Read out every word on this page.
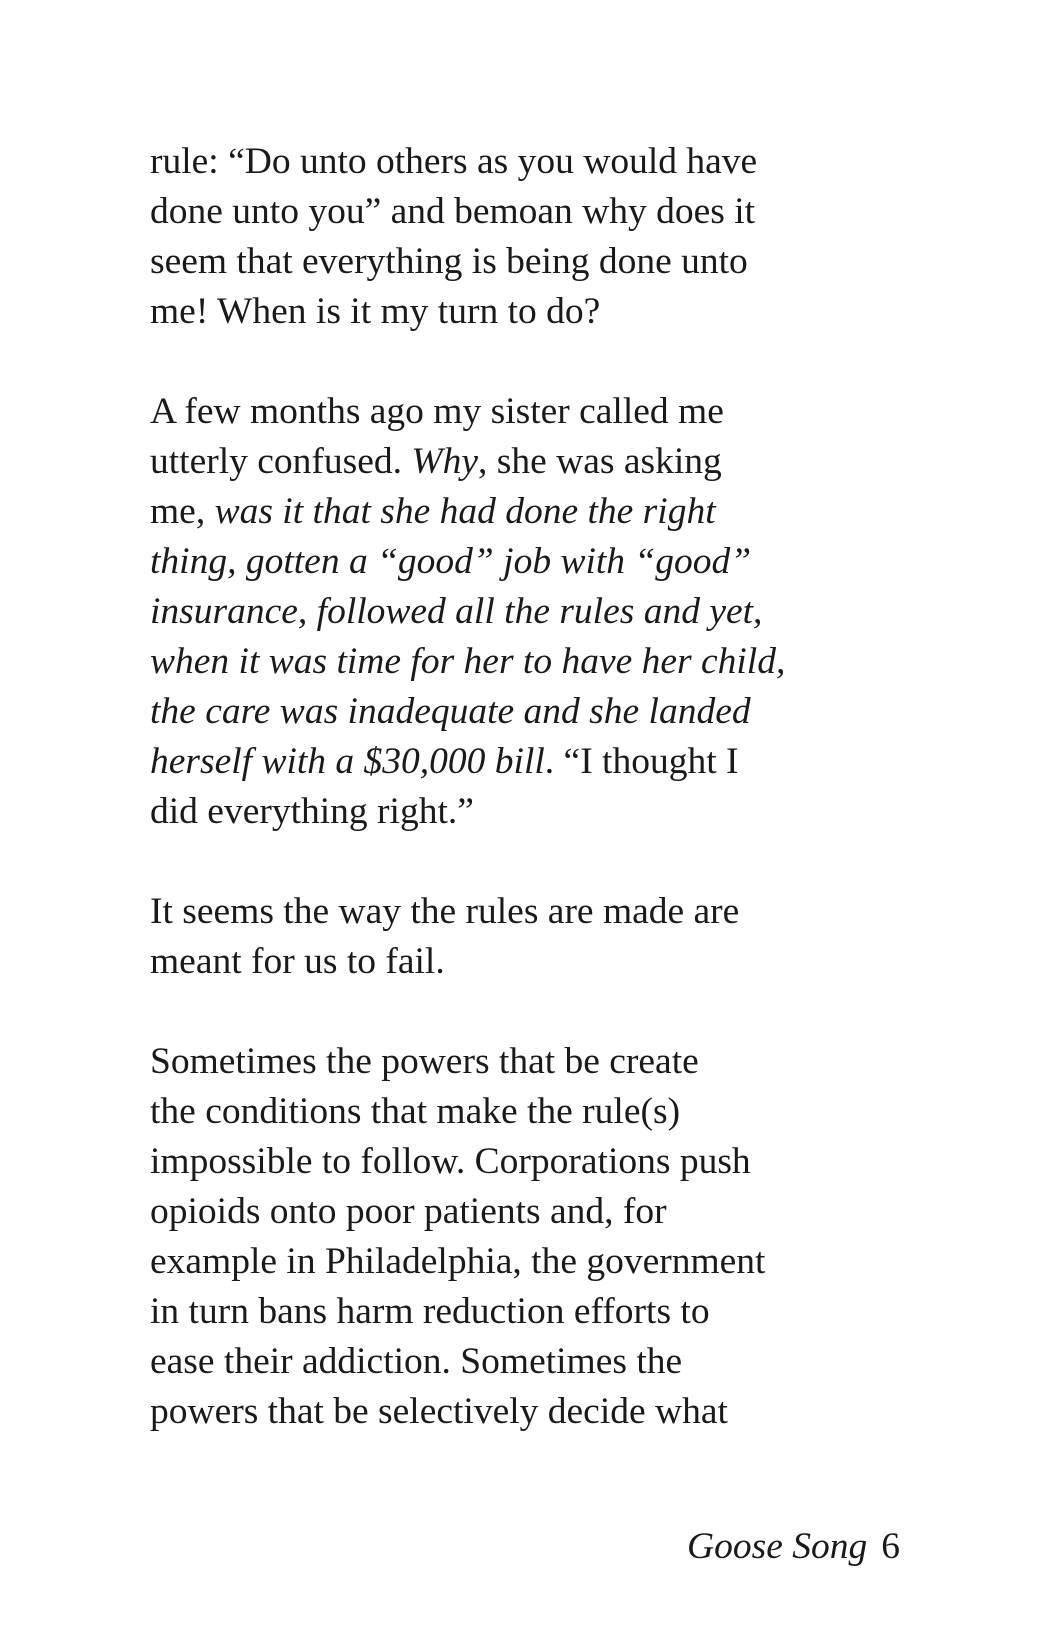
rule: “Do unto others as you would have
done unto you” and bemoan why does it
seem that everything is being done unto
me! When is it my turn to do?

A few months ago my sister called me
utterly confused. Why, she was asking
me, was it that she had done the right
thing, gotten a “good” job with “good”
insurance, followed all the rules and yet,
when it was time for her to have her child,
the care was inadequate and she landed
herself with a $30,000 bill. “I thought I
did everything right.”

It seems the way the rules are made are
meant for us to fail.

Sometimes the powers that be create
the conditions that make the rule(s)
impossible to follow. Corporations push
opioids onto poor patients and, for
example in Philadelphia, the government
in turn bans harm reduction efforts to
ease their addiction. Sometimes the
powers that be selectively decide what

Goose Song 6
